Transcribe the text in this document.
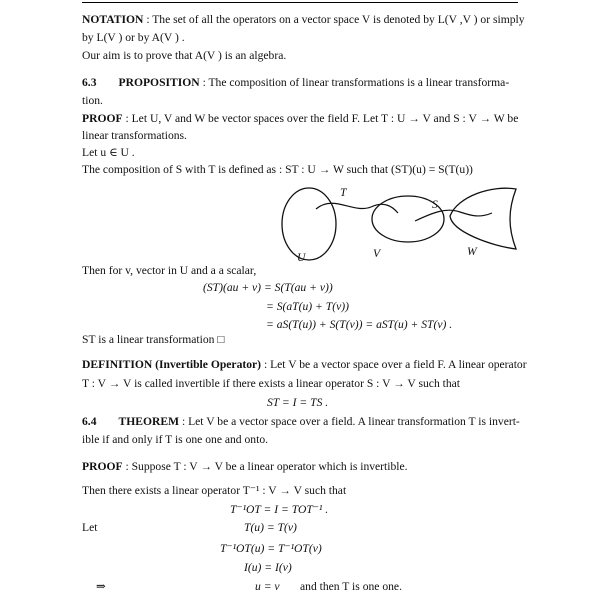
NOTATION : The set of all the operators on a vector space V is denoted by L(V ,V ) or simply
by L(V ) or by A(V ) .
Our aim is to prove that A(V ) is an algebra.
6.3 PROPOSITION : The composition of linear transformations is a linear transforma-
tion.
PROOF : Let U, V and W be vector spaces over the field F. Let T : U → V and S : V → W be
linear transformations.
Let u ∈ U .
The composition of S with T is defined as : ST : U → W such that (ST)(u) = S(T(u))
T
S
U	V	W
Then for v, vector in U and a a scalar,
(ST)(au + v) = S(T(au + v))
= S(aT(u) + T(v))
= aS(T(u)) + S(T(v)) = aST(u) + ST(v) .
ST is a linear transformation □
DEFINITION (Invertible Operator) : Let V be a vector space over a field F. A linear operator
T : V → V is called invertible if there exists a linear operator S : V → V such that
ST = I = TS .
6.4 THEOREM : Let V be a vector space over a field. A linear transformation T is invert-
ible if and only if T is one one and onto.
PROOF : Suppose T : V → V be a linear operator which is invertible.
Then there exists a linear operator T⁻¹ : V → V such that
T⁻¹OT = I = TOT⁻¹ .
Let	T(u) = T(v)
T⁻¹OT(u) = T⁻¹OT(v)
I(u) = I(v)
⇒	u = v and then T is one one.
